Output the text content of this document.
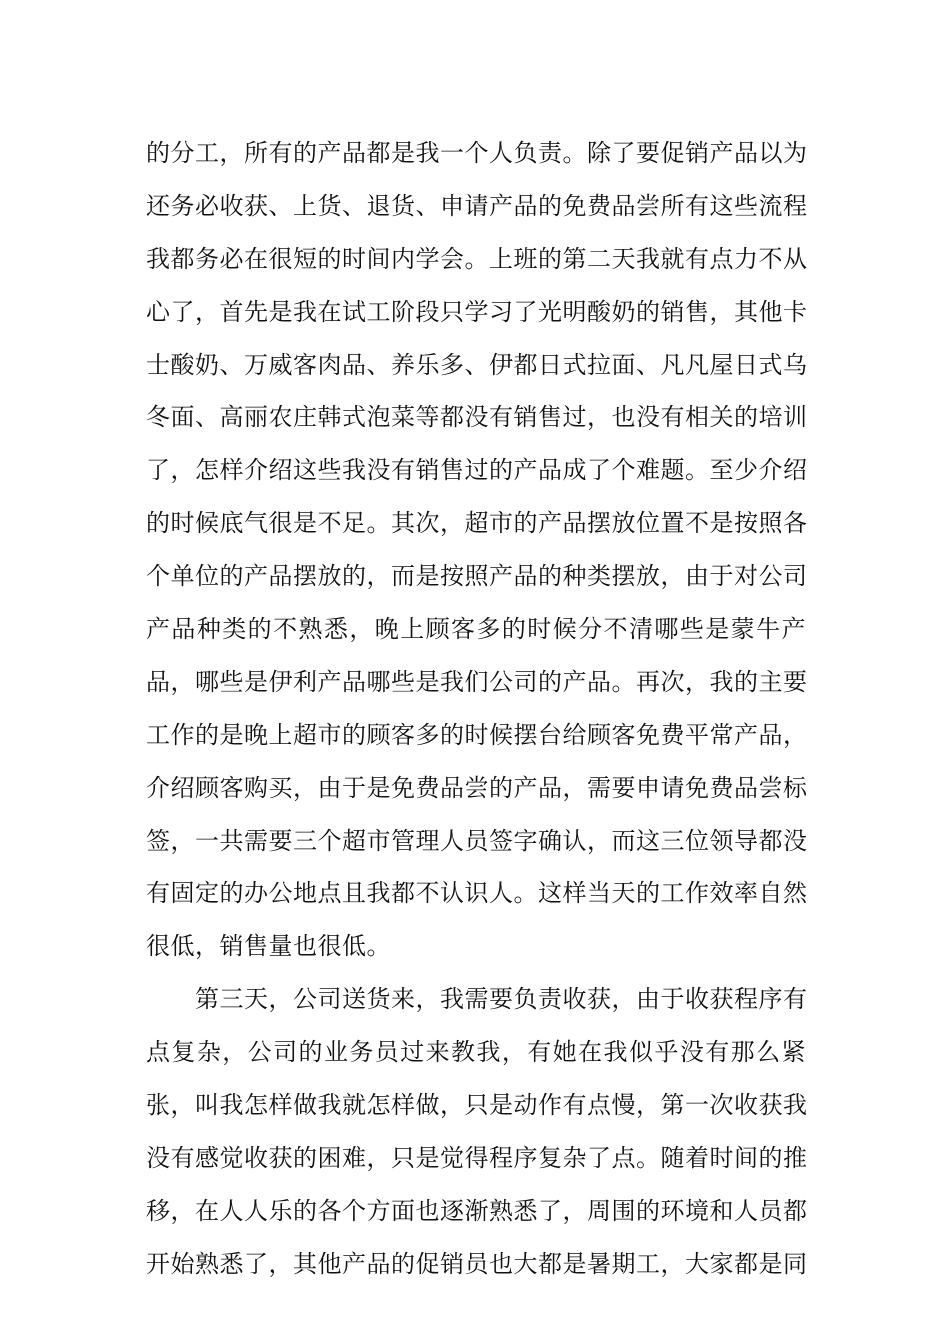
的分工，所有的产品都是我一个人负责。除了要促销产品以为
还务必收获、上货、退货、申请产品的免费品尝所有这些流程
我都务必在很短的时间内学会。上班的第二天我就有点力不从
心了，首先是我在试工阶段只学习了光明酸奶的销售，其他卡
士酸奶、万威客肉品、养乐多、伊都日式拉面、凡凡屋日式乌
冬面、高丽农庄韩式泡菜等都没有销售过，也没有相关的培训
了，怎样介绍这些我没有销售过的产品成了个难题。至少介绍
的时候底气很是不足。其次，超市的产品摆放位置不是按照各
个单位的产品摆放的，而是按照产品的种类摆放，由于对公司
产品种类的不熟悉，晚上顾客多的时候分不清哪些是蒙牛产
品，哪些是伊利产品哪些是我们公司的产品。再次，我的主要
工作的是晚上超市的顾客多的时候摆台给顾客免费平常产品，
介绍顾客购买，由于是免费品尝的产品，需要申请免费品尝标
签，一共需要三个超市管理人员签字确认，而这三位领导都没
有固定的办公地点且我都不认识人。这样当天的工作效率自然
很低，销售量也很低。
第三天，公司送货来，我需要负责收获，由于收获程序有
点复杂，公司的业务员过来教我，有她在我似乎没有那么紧
张，叫我怎样做我就怎样做，只是动作有点慢，第一次收获我
没有感觉收获的困难，只是觉得程序复杂了点。随着时间的推
移，在人人乐的各个方面也逐渐熟悉了，周围的环境和人员都
开始熟悉了，其他产品的促销员也大都是暑期工，大家都是同
